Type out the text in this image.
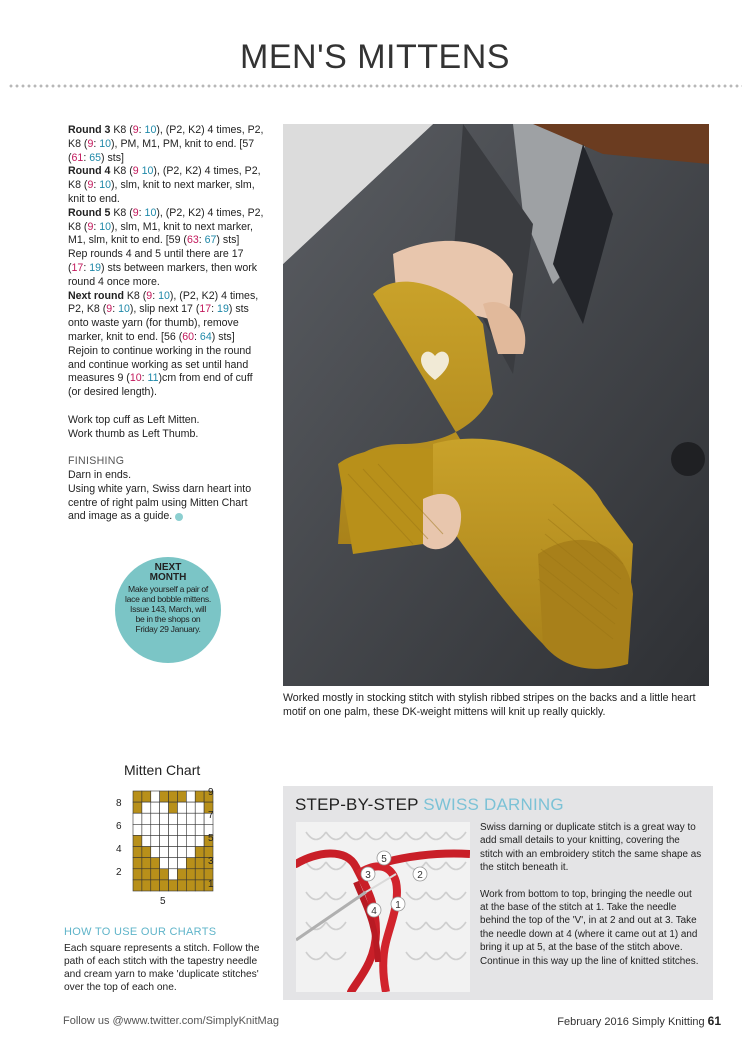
MEN'S MITTENS

Round 3 K8 (9: 10), (P2, K2) 4 times, P2, K8 (9: 10), PM, M1, PM, knit to end. [57 (61: 65) sts]

Round 4 K8 (9 10), (P2, K2) 4 times, P2, K8 (9: 10), slm, knit to next marker, slm, knit to end.

Round 5 K8 (9: 10), (P2, K2) 4 times, P2, K8 (9: 10), slm, M1, knit to next marker, M1, slm, knit to end. [59 (63: 67) sts]

Rep rounds 4 and 5 until there are 17 (17: 19) sts between markers, then work round 4 once more.

Next round K8 (9: 10), (P2, K2) 4 times, P2, K8 (9: 10), slip next 17 (17: 19) sts onto waste yarn (for thumb), remove marker, knit to end. [56 (60: 64) sts]

Rejoin to continue working in the round and continue working as set until hand measures 9 (10: 11)cm from end of cuff (or desired length).

Work top cuff as Left Mitten.

Work thumb as Left Thumb.

FINISHING

Darn in ends.

Using white yarn, Swiss darn heart into centre of right palm using Mitten Chart and image as a guide.

NEXT
MONTH
Make yourself a pair of lace and bobble mittens. Issue 143, March, will be in the shops on Friday 29 January.
Worked mostly in stocking stitch with stylish ribbed stripes on the backs and a little heart motif on one palm, these DK-weight mittens will knit up really quickly.
Mitten Chart
8
6
4
2
9
7
5
3
1
5
HOW TO USE OUR CHARTS
Each square represents a stitch. Follow the path of each stitch with the tapestry needle and cream yarn to make 'duplicate stitches' over the top of each one.
STEP-BY-STEP SWISS DARNING
5
3	2
4
1

Swiss darning or duplicate stitch is a great way to add small details to your knitting, covering the stitch with an embroidery stitch the same shape as the stitch beneath it.

Work from bottom to top, bringing the needle out at the base of the stitch at 1. Take the needle behind the top of the 'V', in at 2 and out at 3. Take the needle down at 4 (where it came out at 1) and bring it up at 5, at the base of the stitch above. Continue in this way up the line of knitted stitches.

Follow us @www.twitter.com/SimplyKnitMag	February 2016 Simply Knitting 61
